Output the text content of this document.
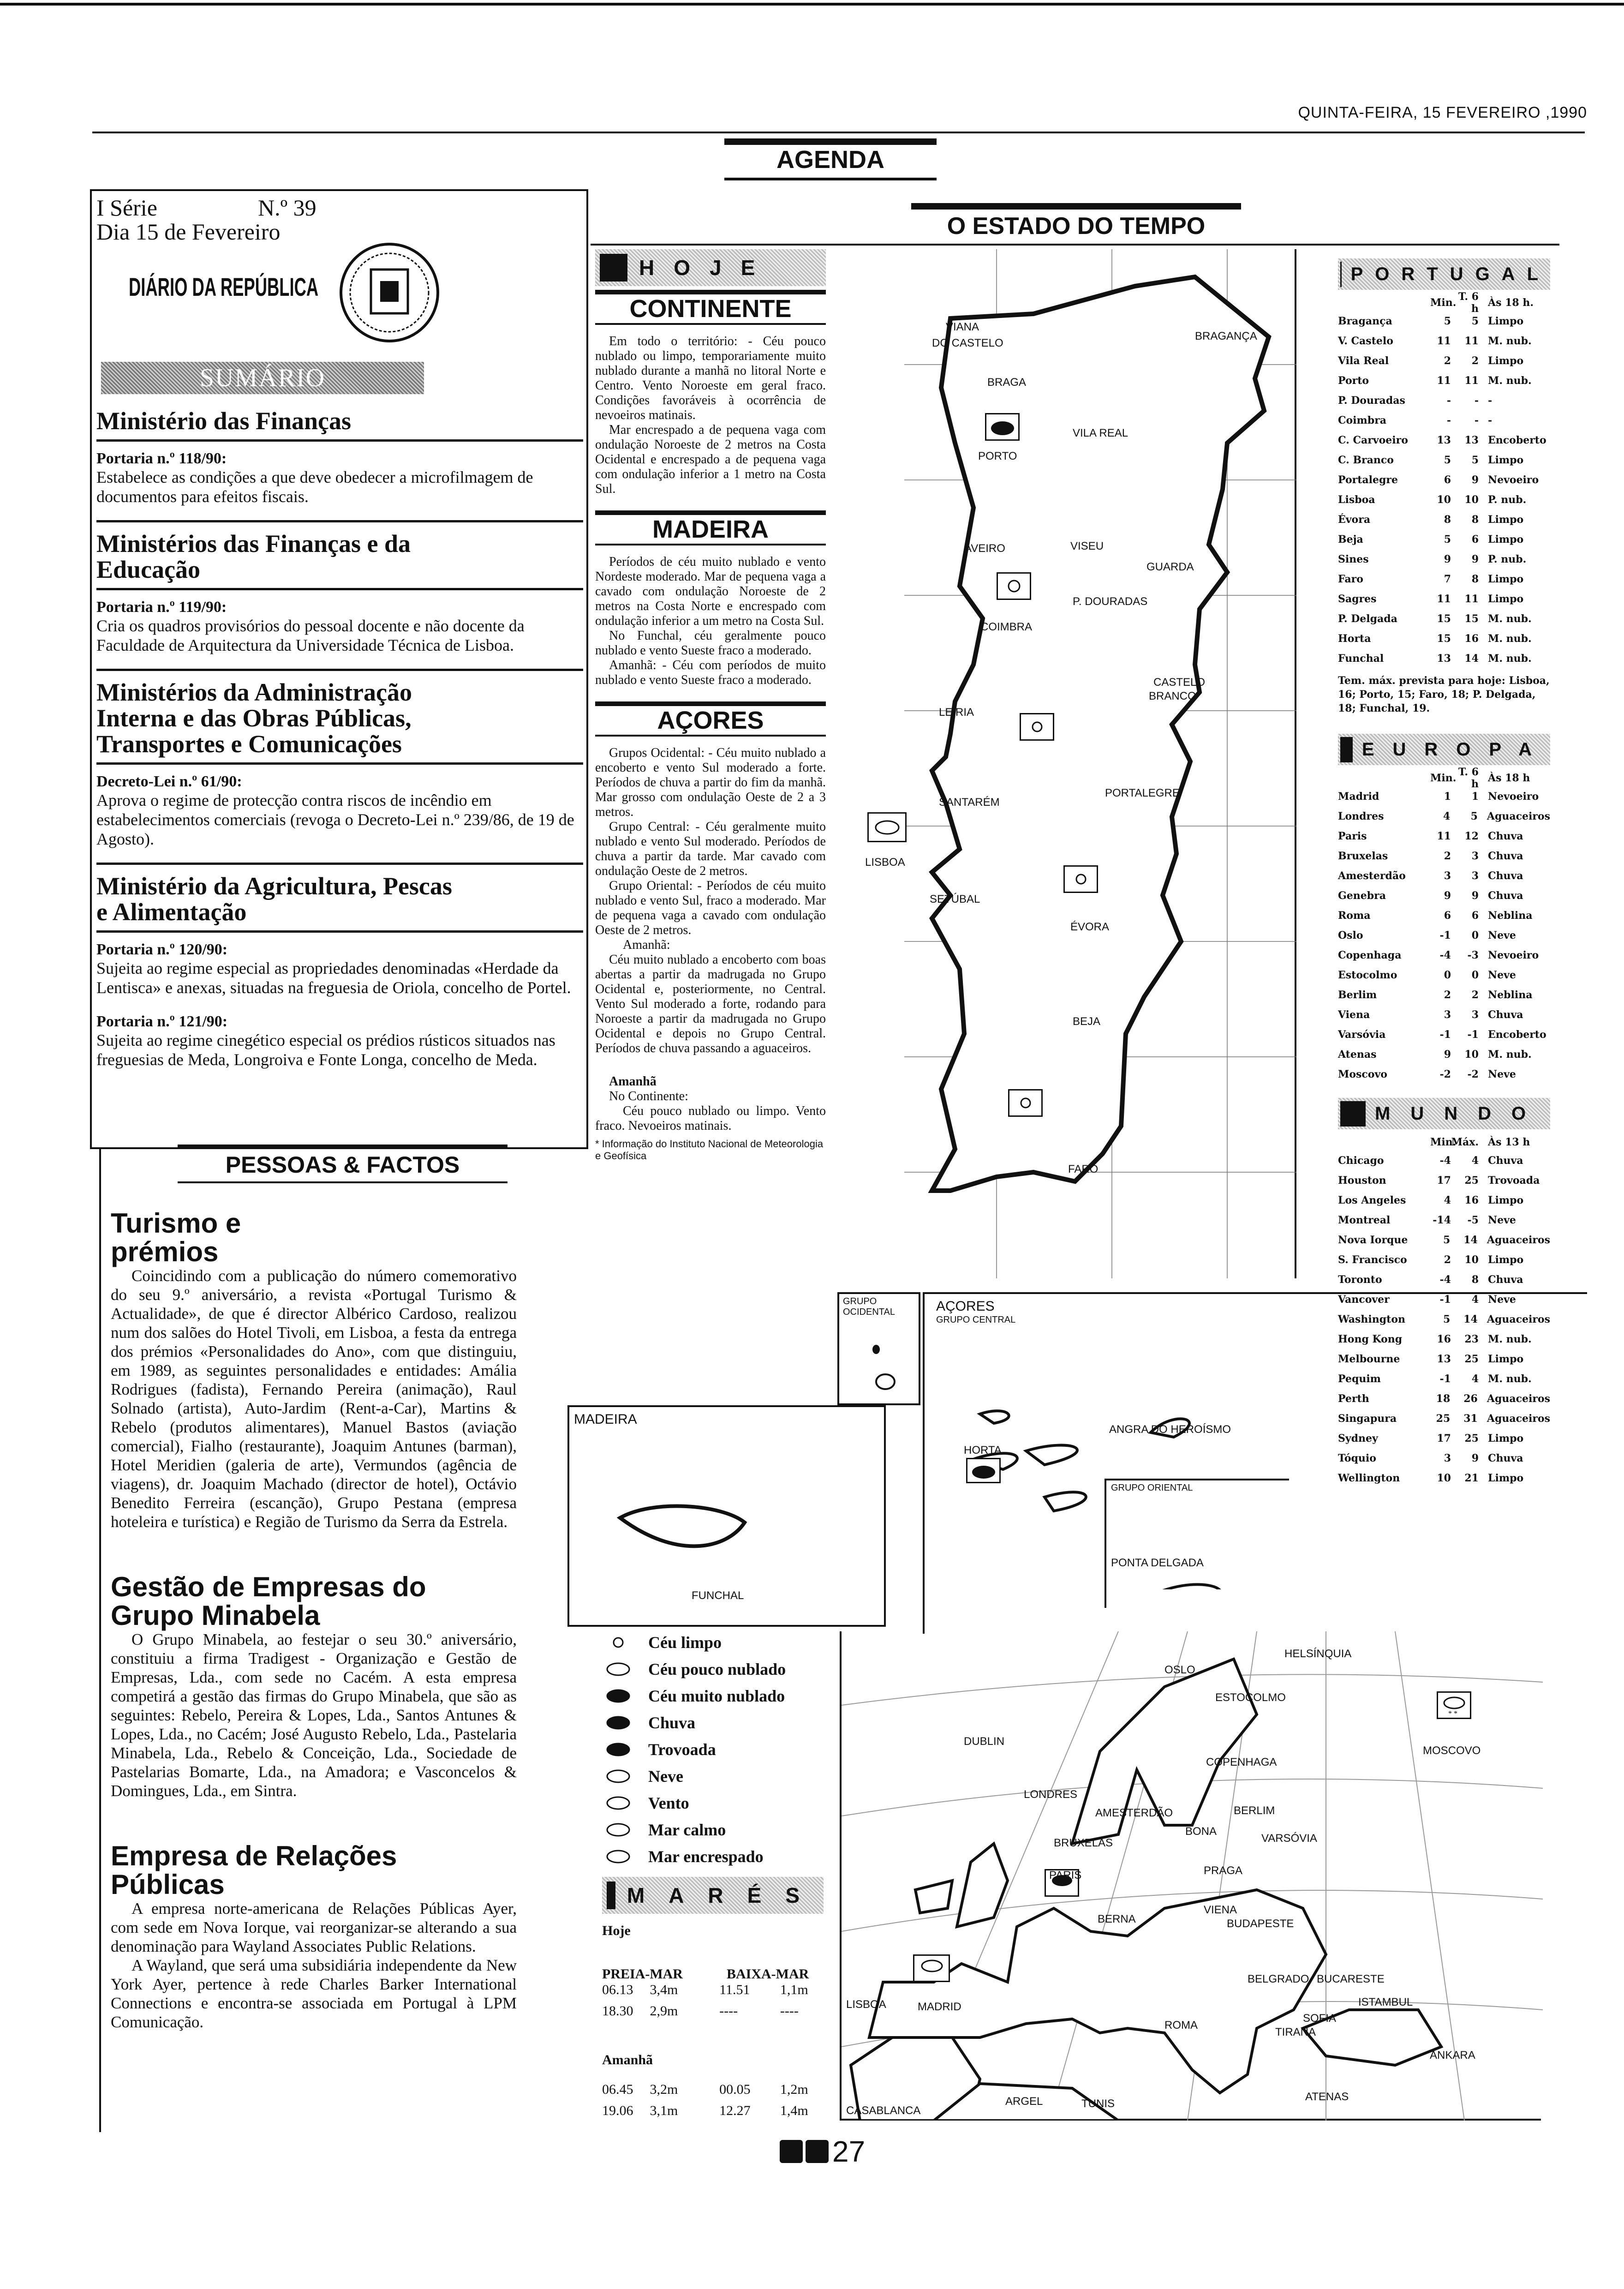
QUINTA-FEIRA, 15 FEVEREIRO ,1990
AGENDA
I Série	N.º 39
Dia 15 de Fevereiro
DIÁRIO DA REPÚBLICA
SUMÁRIO
Ministério das Finanças
Portaria n.º 118/90:
Estabelece as condições a que deve obedecer a microfilmagem de documentos para efeitos fiscais.
Ministérios das Finanças e da Educação
Portaria n.º 119/90:
Cria os quadros provisórios do pessoal docente e não docente da Faculdade de Arquitectura da Universidade Técnica de Lisboa.
Ministérios da Administração Interna e das Obras Públicas, Transportes e Comunicações
Decreto-Lei n.º 61/90:
Aprova o regime de protecção contra riscos de incêndio em estabelecimentos comerciais (revoga o Decreto-Lei n.º 239/86, de 19 de Agosto).
Ministério da Agricultura, Pescas e Alimentação
Portaria n.º 120/90:
Sujeita ao regime especial as propriedades denominadas «Herdade da Lentisca» e anexas, situadas na freguesia de Oriola, concelho de Portel.
Portaria n.º 121/90:
Sujeita ao regime cinegético especial os prédios rústicos situados nas freguesias de Meda, Longroiva e Fonte Longa, concelho de Meda.
PESSOAS & FACTOS
Turismo e prémios
Coincidindo com a publicação do número comemorativo do seu 9.º aniversário, a revista «Portugal Turismo & Actualidade», de que é director Albérico Cardoso, realizou num dos salões do Hotel Tivoli, em Lisboa, a festa da entrega dos prémios «Personalidades do Ano», com que distinguiu, em 1989, as seguintes personalidades e entidades: Amália Rodrigues (fadista), Fernando Pereira (animação), Raul Solnado (artista), Auto-Jardim (Rent-a-Car), Martins & Rebelo (produtos alimentares), Manuel Bastos (aviação comercial), Fialho (restaurante), Joaquim Antunes (barman), Hotel Meridien (galeria de arte), Vermundos (agência de viagens), dr. Joaquim Machado (director de hotel), Octávio Benedito Ferreira (escanção), Grupo Pestana (empresa hoteleira e turística) e Região de Turismo da Serra da Estrela.
Gestão de Empresas do Grupo Minabela
O Grupo Minabela, ao festejar o seu 30.º aniversário, constituiu a firma Tradigest - Organização e Gestão de Empresas, Lda., com sede no Cacém. A esta empresa competirá a gestão das firmas do Grupo Minabela, que são as seguintes: Rebelo, Pereira & Lopes, Lda., Santos Antunes & Lopes, Lda., no Cacém; José Augusto Rebelo, Lda., Pastelaria Minabela, Lda., Rebelo & Conceição, Lda., Sociedade de Pastelarias Bomarte, Lda., na Amadora; e Vasconcelos & Domingues, Lda., em Sintra.
Empresa de Relações Públicas
A empresa norte-americana de Relações Públicas Ayer, com sede em Nova Iorque, vai reorganizar-se alterando a sua denominação para Wayland Associates Public Relations.
A Wayland, que será uma subsidiária independente da New York Ayer, pertence à rede Charles Barker International Connections e encontra-se associada em Portugal à LPM Comunicação.
O ESTADO DO TEMPO
HOJE
CONTINENTE
Em todo o território: - Céu pouco nublado ou limpo, temporariamente muito nublado durante a manhã no litoral Norte e Centro. Vento Noroeste em geral fraco. Condições favoráveis à ocorrência de nevoeiros matinais.
Mar encrespado a de pequena vaga com ondulação Noroeste de 2 metros na Costa Ocidental e encrespado a de pequena vaga com ondulação inferior a 1 metro na Costa Sul.
MADEIRA
Períodos de céu muito nublado e vento Nordeste moderado. Mar de pequena vaga a cavado com ondulação Noroeste de 2 metros na Costa Norte e encrespado com ondulação inferior a um metro na Costa Sul.
No Funchal, céu geralmente pouco nublado e vento Sueste fraco a moderado.
Amanhã: - Céu com períodos de muito nublado e vento Sueste fraco a moderado.
AÇORES
Grupos Ocidental: - Céu muito nublado a encoberto e vento Sul moderado a forte. Períodos de chuva a partir do fim da manhã. Mar grosso com ondulação Oeste de 2 a 3 metros.
Grupo Central: - Céu geralmente muito nublado e vento Sul moderado. Períodos de chuva a partir da tarde. Mar cavado com ondulação Oeste de 2 metros.
Grupo Oriental: - Períodos de céu muito nublado e vento Sul, fraco a moderado. Mar de pequena vaga a cavado com ondulação Oeste de 2 metros.
Amanhã:
Céu muito nublado a encoberto com boas abertas a partir da madrugada no Grupo Ocidental e, posteriormente, no Central. Vento Sul moderado a forte, rodando para Noroeste a partir da madrugada no Grupo Ocidental e depois no Grupo Central. Períodos de chuva passando a aguaceiros.
Amanhã
No Continente:
Céu pouco nublado ou limpo. Vento fraco. Nevoeiros matinais.
* Informação do Instituto Nacional de Meteorologia e Geofísica
VIANA
DO CASTELO
BRAGANÇA
BRAGA
VILA REAL
PORTO
AVEIRO	VISEU
GUARDA
P. DOURADAS
COIMBRA
CASTELO
BRANCO
LEIRIA
SANTARÉM
PORTALEGRE
LISBOA
SETÚBAL
ÉVORA
BEJA
FARO
GRUPO
OCIDENTAL	AÇORES
GRUPO CENTRAL
ANGRA DO HEROÍSMO
HORTA
GRUPO ORIENTAL
PONTA DELGADA
MADEIRA
FUNCHAL
PORTUGAL
Min. T. 6 h Às 18 h.
Bragança	5	5 Limpo
V. Castelo	11	11 M. nub.
Vila Real	2	2 Limpo
Porto	11	11 M. nub.
P. Douradas	-	- -
Coimbra	-	- -
C. Carvoeiro	13	13 Encoberto
C. Branco	5	5 Limpo
Portalegre	6	9 Nevoeiro
Lisboa	10	10 P. nub.
Évora	8	8 Limpo
Beja	5	6 Limpo
Sines	9	9 P. nub.
Faro	7	8 Limpo
Sagres	11	11 Limpo
P. Delgada	15	15 M. nub.
Horta	15	16 M. nub.
Funchal	13	14 M. nub.
Tem. máx. prevista para hoje: Lisboa, 16; Porto, 15; Faro, 18; P. Delgada, 18; Funchal, 19.
EUROPA
Min. T. 6 h Às 18 h
Madrid	1	1 Nevoeiro
Londres	4	5 Aguaceiros
Paris	11	12 Chuva
Bruxelas	2	3 Chuva
Amesterdão	3	3 Chuva
Genebra	9	9 Chuva
Roma	6	6 Neblina
Oslo	-1	0 Neve
Copenhaga	-4	-3 Nevoeiro
Estocolmo	0	0 Neve
Berlim	2	2 Neblina
Viena	3	3 Chuva
Varsóvia	-1	-1 Encoberto
Atenas	9	10 M. nub.
Moscovo	-2	-2 Neve
MUNDO
Min.
Máx. Às 13 h
Chicago	-4	4 Chuva
Houston	17	25 Trovoada
Los Angeles	4	16 Limpo
Montreal	-14	-5 Neve
Nova Iorque	5	14 Aguaceiros
S. Francisco	2	10 Limpo
Toronto	-4	8 Chuva
Vancover	-1	4 Neve
Washington	5	14 Aguaceiros
Hong Kong	16	23 M. nub.
Melbourne	13	25 Limpo
Pequim	-1	4 M. nub.
Perth	18	26 Aguaceiros
Singapura	25	31 Aguaceiros
Sydney	17	25 Limpo
Tóquio	3	9 Chuva
Wellington	10	21 Limpo
Céu limpo
Céu pouco nublado
Céu muito nublado
Chuva
Trovoada
Neve
Vento
Mar calmo
Mar encrespado
MARÉS
Hoje
PREIA-MAR	BAIXA-MAR
06.13	3,4m	11.51	1,1m
18.30	2,9m	----	----
Amanhã
06.45	3,2m	00.05	1,2m
19.06	3,1m	12.27	1,4m
* *
HELSÍNQUIA
OSLO
ESTOCOLMO
DUBLIN
COPENHAGA
MOSCOVO
LONDRES
AMESTERDÃO	BERLIM
BRUXELAS
BONA
VARSÓVIA
PARIS	PRAGA
VIENA
BERNA	BUDAPESTE
BELGRADO BUCARESTE
LISBOA	MADRID
SOFIA
ISTAMBUL
ROMA
TIRANA
ANKARA
ATENAS
ARGEL	TUNIS
CASABLANCA
27
